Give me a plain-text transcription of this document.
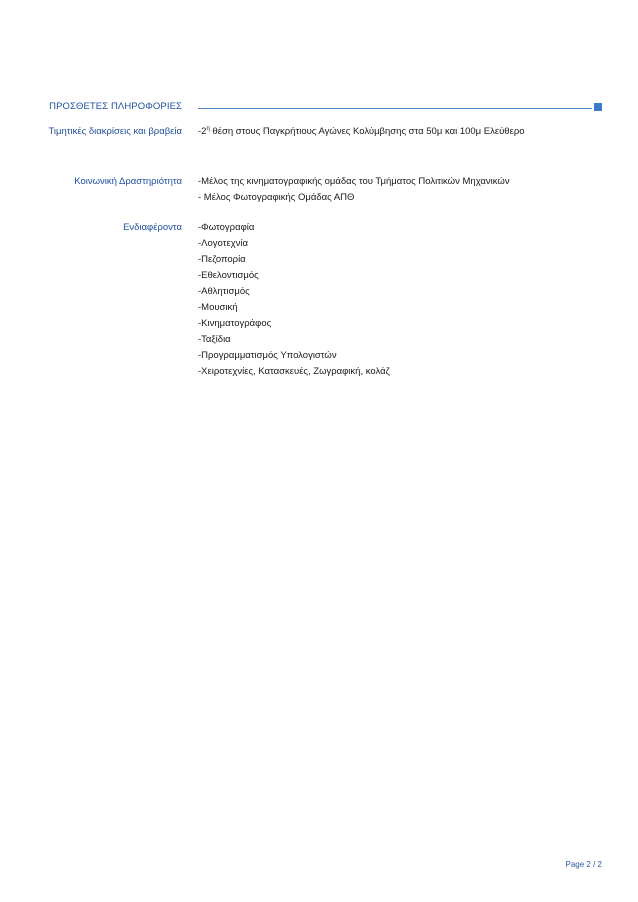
ΠΡΟΣΘΕΤΕΣ ΠΛΗΡΟΦΟΡΙΕΣ
Τιμητικές διακρίσεις και βραβεία $-2^\eta$ θέση στους Παγκρήτιους Αγώνες Κολύμβησης στα 50μ και 100μ Ελεύθερο
Κοινωνική Δραστηριότητα -Μέλος της κινηματογραφικής ομάδας του Τμήματος Πολιτικών Μηχανικών
- Μέλος Φωτογραφικής Ομάδας ΑΠΘ
Ενδιαφέροντα -Φωτογραφία
-Λογοτεχνία
-Πεζοπορία
-Εθελοντισμός
-Αθλητισμός
-Μουσική
-Κινηματογράφος
-Ταξίδια
-Προγραμματισμός Υπολογιστών
-Χειροτεχνίες, Κατασκευές, Ζωγραφική, κολάζ
Page 2 / 2
